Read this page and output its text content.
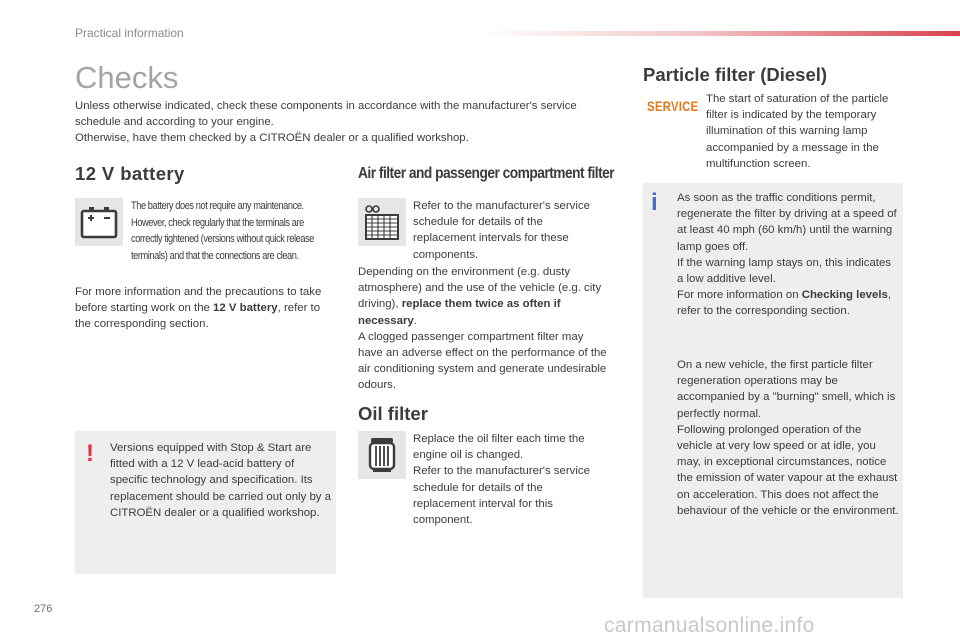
Practical information
Checks

Unless otherwise indicated, check these components in accordance with the manufacturer's service schedule and according to your engine.

Otherwise, have them checked by a CITROËN dealer or a qualified workshop.

12 V battery
The battery does not require any maintenance. However, check regularly that the terminals are correctly tightened (versions without quick release terminals) and that the connections are clean.
For more information and the precautions to take before starting work on the 12 V battery, refer to the corresponding section.
! Versions equipped with Stop & Start are fitted with a 12 V lead-acid battery of specific technology and specification. Its replacement should be carried out only by a CITROËN dealer or a qualified workshop.
Air filter and passenger compartment filter
Refer to the manufacturer's service schedule for details of the replacement intervals for these components.

Depending on the environment (e.g. dusty atmosphere) and the use of the vehicle (e.g. city driving), replace them twice as often if necessary.

A clogged passenger compartment filter may have an adverse effect on the performance of the air conditioning system and generate undesirable odours.

Oil filter

Replace the oil filter each time the engine oil is changed.

Refer to the manufacturer's service schedule for details of the replacement interval for this component.

Particle filter (Diesel)
SERVICE The start of saturation of the particle filter is indicated by the temporary illumination of this warning lamp accompanied by a message in the multifunction screen.
i As soon as the traffic conditions permit, regenerate the filter by driving at a speed of at least 40 mph (60 km/h) until the warning lamp goes off.

If the warning lamp stays on, this indicates a low additive level.

For more information on Checking levels, refer to the corresponding section.

On a new vehicle, the first particle filter regeneration operations may be accompanied by a "burning" smell, which is perfectly normal.

Following prolonged operation of the vehicle at very low speed or at idle, you may, in exceptional circumstances, notice the emission of water vapour at the exhaust on acceleration. This does not affect the behaviour of the vehicle or the environment.

276
carmanualsonline.info
